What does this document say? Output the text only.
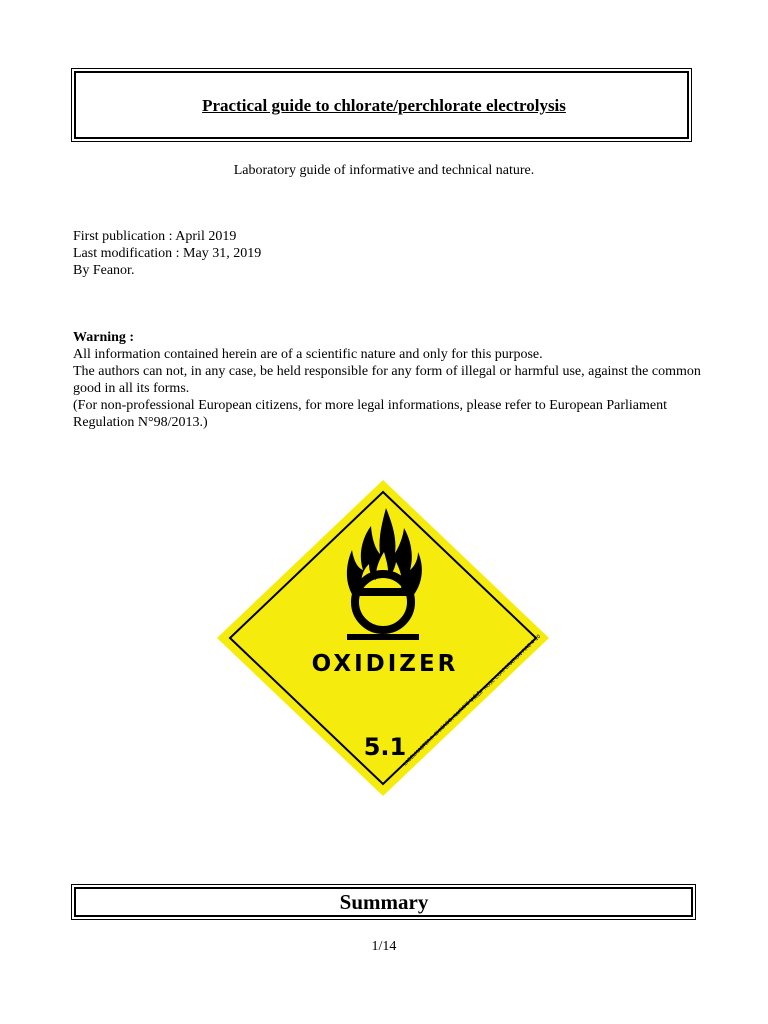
Practical guide to chlorate/perchlorate electrolysis

Laboratory guide of informative and technical nature.

First publication : April 2019
Last modification : May 31, 2019
By Feanor.
Warning :

All information contained herein are of a scientific nature and only for this purpose.

The authors can not, in any case, be held responsible for any form of illegal or harmful use, against the common good in all its forms.

(For non-professional European citizens, for more legal informations, please refer to European Parliament Regulation N°98/2013.)

OXIDIZER
5.1
LABELMASTER® CHICAGO, ILLINOIS U.S.A.
PHILIP ROSE CORPORATION FIRE 4-10
Summary
1/14
